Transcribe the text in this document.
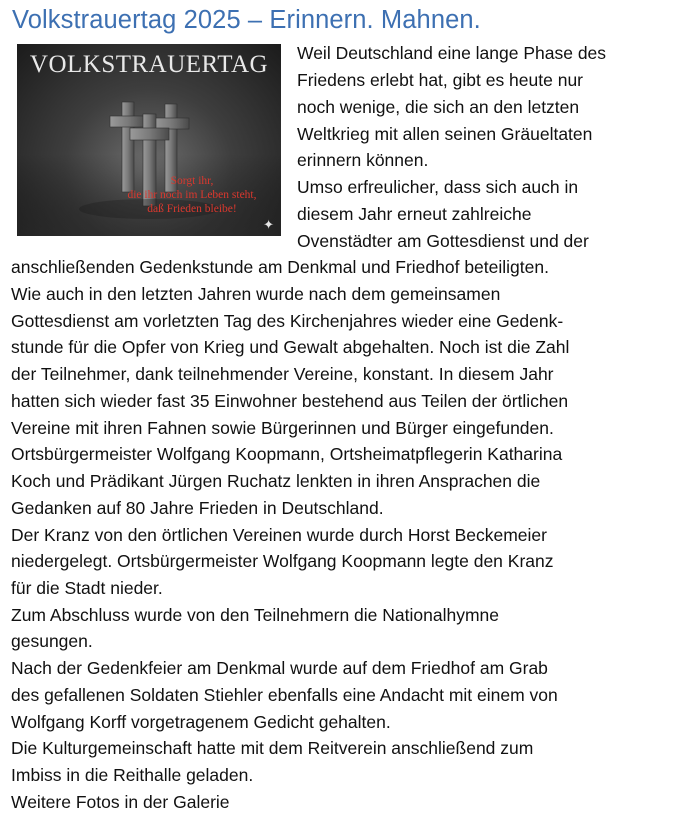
Volkstrauertag 2025 – Erinnern. Mahnen.
VOLKSTRAUERTAG
Sorgt ihr,
die ihr noch im Leben steht,
daß Frieden bleibe!
✦
Weil Deutschland eine lange Phase des
Friedens erlebt hat, gibt es heute nur
noch wenige, die sich an den letzten
Weltkrieg mit allen seinen Gräueltaten
erinnern können.
Umso erfreulicher, dass sich auch in
diesem Jahr erneut zahlreiche
Ovenstädter am Gottesdienst und der
anschließenden Gedenkstunde am Denkmal und Friedhof beteiligten.
Wie auch in den letzten Jahren wurde nach dem gemeinsamen
Gottesdienst am vorletzten Tag des Kirchenjahres wieder eine Gedenk-
stunde für die Opfer von Krieg und Gewalt abgehalten. Noch ist die Zahl
der Teilnehmer, dank teilnehmender Vereine, konstant. In diesem Jahr
hatten sich wieder fast 35 Einwohner bestehend aus Teilen der örtlichen
Vereine mit ihren Fahnen sowie Bürgerinnen und Bürger eingefunden.
Ortsbürgermeister Wolfgang Koopmann, Ortsheimatpflegerin Katharina
Koch und Prädikant Jürgen Ruchatz lenkten in ihren Ansprachen die
Gedanken auf 80 Jahre Frieden in Deutschland.
Der Kranz von den örtlichen Vereinen wurde durch Horst Beckemeier
niedergelegt. Ortsbürgermeister Wolfgang Koopmann legte den Kranz
für die Stadt nieder.
Zum Abschluss wurde von den Teilnehmern die Nationalhymne
gesungen.
Nach der Gedenkfeier am Denkmal wurde auf dem Friedhof am Grab
des gefallenen Soldaten Stiehler ebenfalls eine Andacht mit einem von
Wolfgang Korff vorgetragenem Gedicht gehalten.
Die Kulturgemeinschaft hatte mit dem Reitverein anschließend zum
Imbiss in die Reithalle geladen.
Weitere Fotos in der Galerie
